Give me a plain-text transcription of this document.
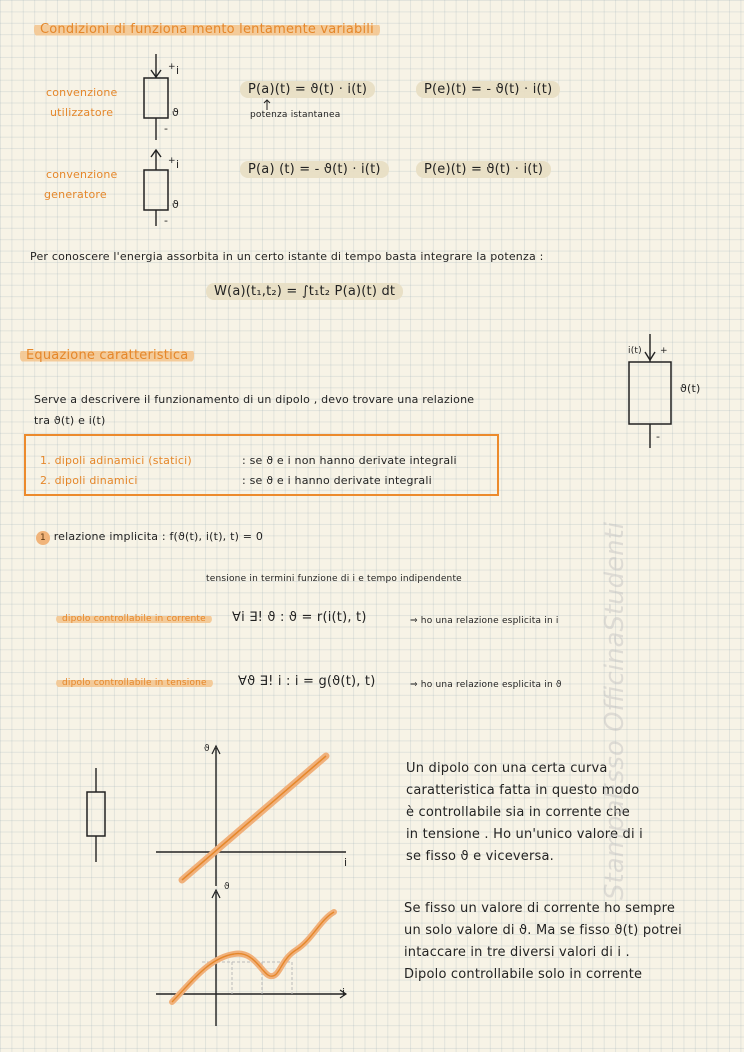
Condizioni di funziona mento lentamente variabili
convenzione
utilizzatore
+ i
ϑ
-
P(a)(t) = ϑ(t) · i(t)	P(e)(t) = - ϑ(t) · i(t)
potenza istantanea
convenzione
generatore
+ i
ϑ
-
P(a) (t) = - ϑ(t) · i(t)	P(e)(t) = ϑ(t) · i(t)
Per conoscere l'energia assorbita in un certo istante di tempo basta integrare la potenza :
W(a)(t₁,t₂) = ∫t₁t₂ P(a)(t) dt
Equazione caratteristica
Serve a descrivere il funzionamento di un dipolo , devo trovare una relazione
tra ϑ(t) e i(t)
i(t) +
ϑ(t)
-
1. dipoli adinamici (statici)	: se ϑ e i non hanno derivate integrali
2. dipoli dinamici	: se ϑ e i hanno derivate integrali
1 relazione implicita : f(ϑ(t), i(t), t) = 0
tensione in termini funzione di i e tempo indipendente
dipolo controllabile in corrente	∀i ∃! ϑ : ϑ = r(i(t), t)	⇒ ho una relazione esplicita in i
dipolo controllabile in tensione	∀ϑ ∃! i : i = g(ϑ(t), t)	⇒ ho una relazione esplicita in ϑ
ϑ
i
Un dipolo con una certa curva
caratteristica fatta in questo modo
è controllabile sia in corrente che
in tensione . Ho un'unico valore di i
se fisso ϑ e viceversa.
ϑ
i
Se fisso un valore di corrente ho sempre
un solo valore di ϑ. Ma se fisso ϑ(t) potrei
intaccare in tre diversi valori di i .
Dipolo controllabile solo in corrente
StampaEsso OfficinaStudenti
